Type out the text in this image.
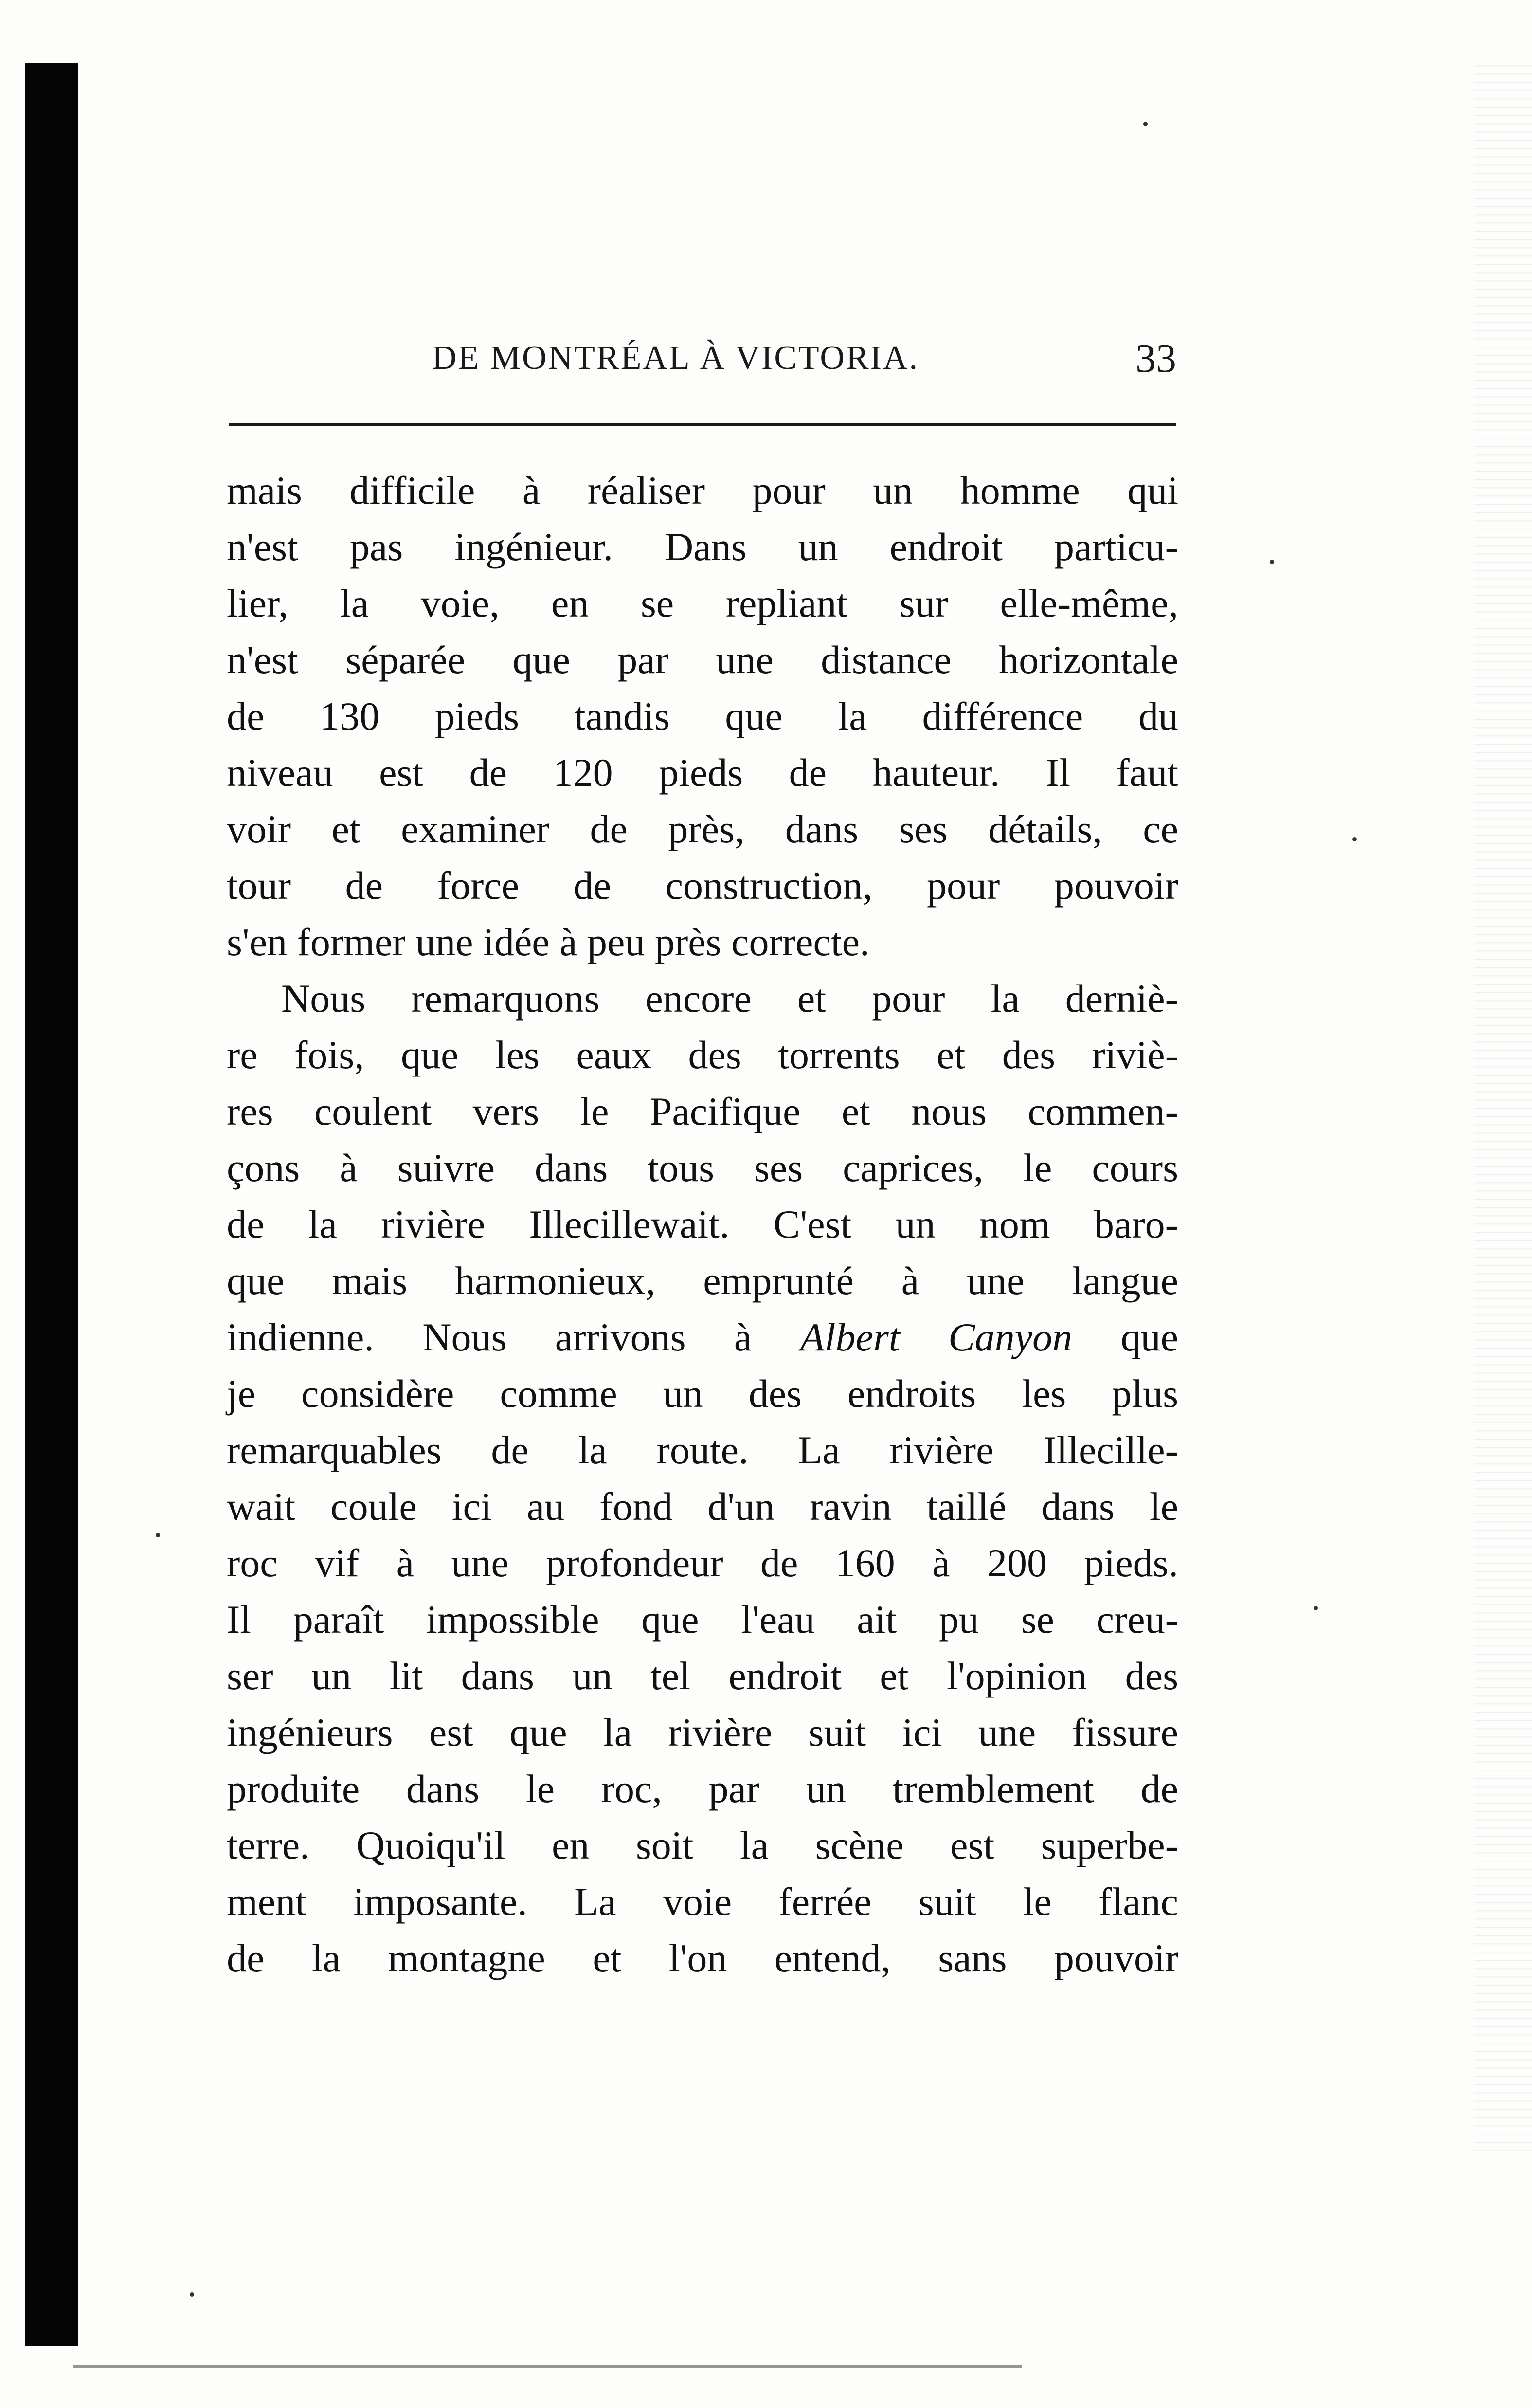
DE MONTRÉAL À VICTORIA.	33
mais difficile à réaliser pour un homme qui
n'est pas ingénieur. Dans un endroit particu-
lier, la voie, en se repliant sur elle-même,
n'est séparée que par une distance horizontale
de 130 pieds tandis que la différence du
niveau est de 120 pieds de hauteur. Il faut
voir et examiner de près, dans ses détails, ce
tour de force de construction, pour pouvoir
s'en former une idée à peu près correcte.
Nous remarquons encore et pour la derniè-
re fois, que les eaux des torrents et des riviè-
res coulent vers le Pacifique et nous commen-
çons à suivre dans tous ses caprices, le cours
de la rivière Illecillewait. C'est un nom baro-
que mais harmonieux, emprunté à une langue
indienne. Nous arrivons à Albert Canyon que
je considère comme un des endroits les plus
remarquables de la route. La rivière Illecille-
wait coule ici au fond d'un ravin taillé dans le
roc vif à une profondeur de 160 à 200 pieds.
Il paraît impossible que l'eau ait pu se creu-
ser un lit dans un tel endroit et l'opinion des
ingénieurs est que la rivière suit ici une fissure
produite dans le roc, par un tremblement de
terre. Quoiqu'il en soit la scène est superbe-
ment imposante. La voie ferrée suit le flanc
de la montagne et l'on entend, sans pouvoir
